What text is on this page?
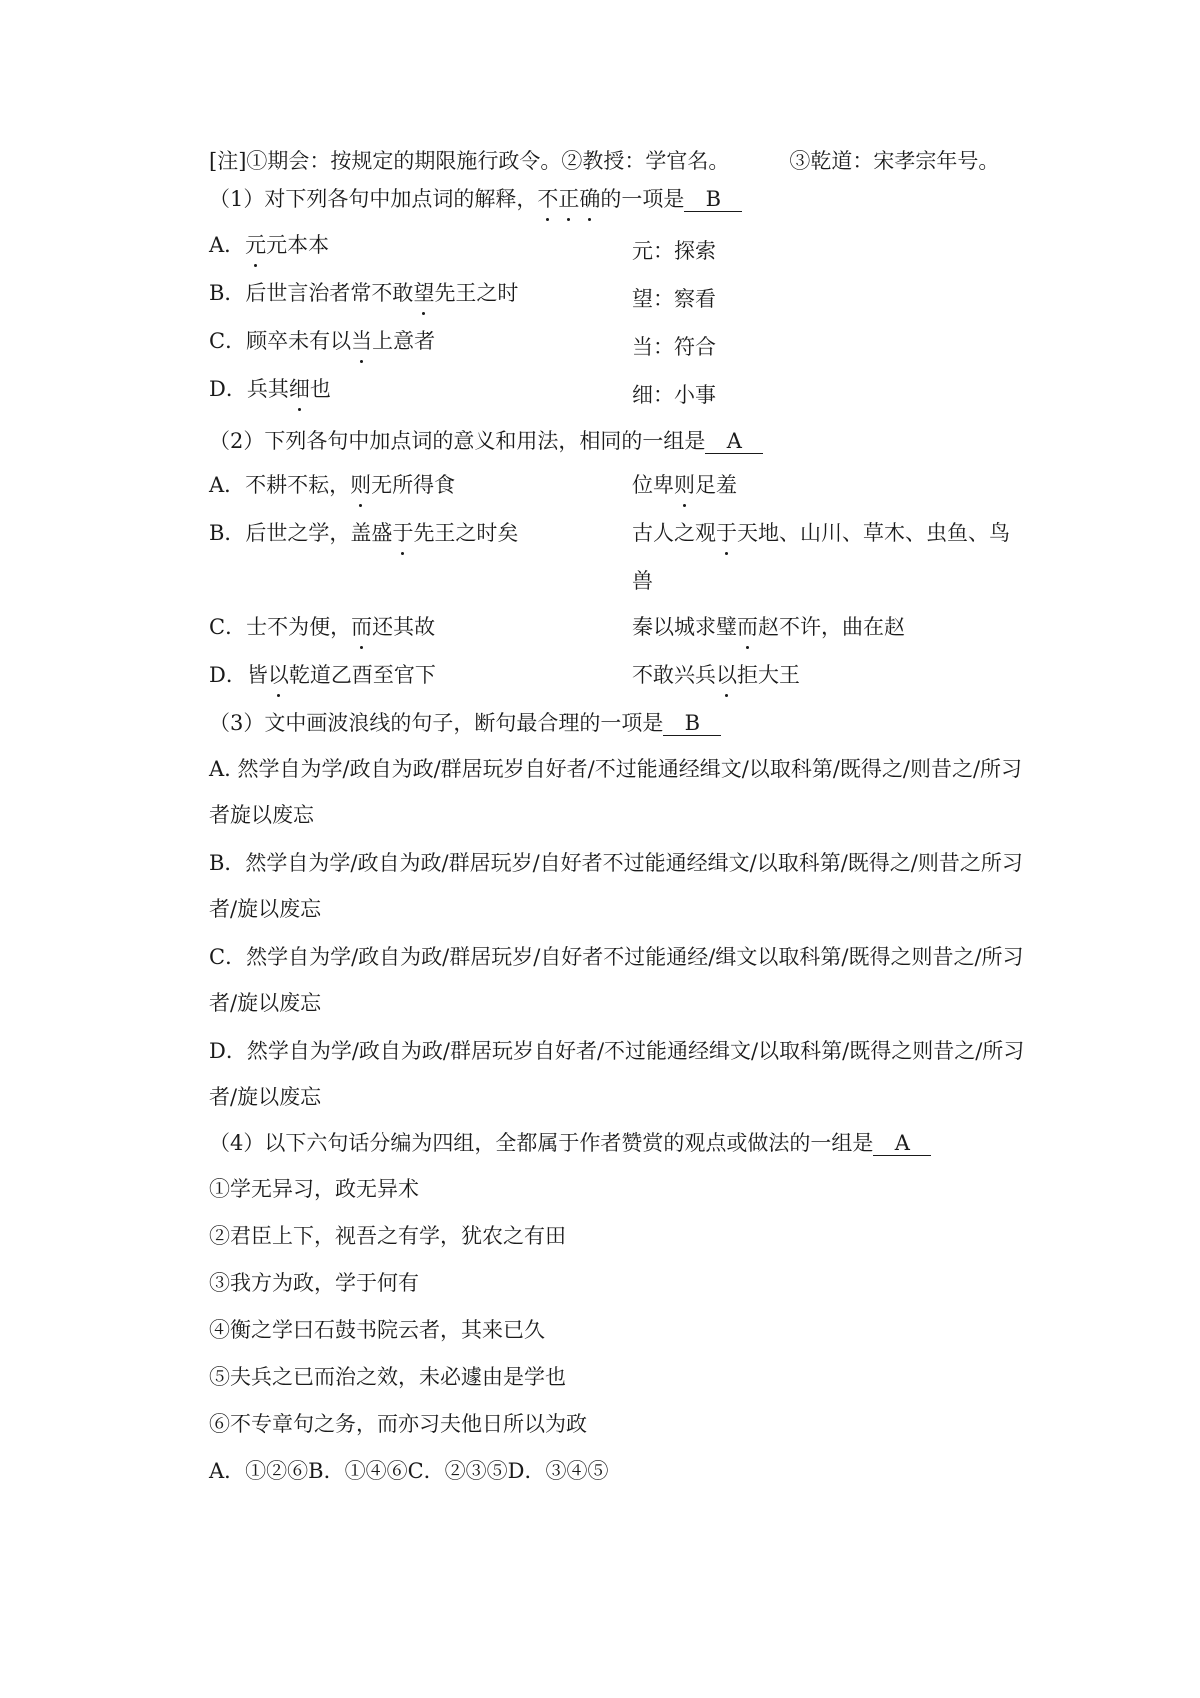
[注]①期会：按规定的期限施行政令。②教授：学官名。	③乾道：宋孝宗年号。
（1）对下列各句中加点词的解释，不正确的一项是 B
A．元元本本	元：探索
B．后世言治者常不敢望先王之时	望：察看
C．顾卒未有以当上意者	当：符合
D．兵其细也	细：小事
（2）下列各句中加点词的意义和用法，相同的一组是 A
A．不耕不耘，则无所得食	位卑则足羞
B．后世之学，盖盛于先王之时矣	古人之观于天地、山川、草木、虫鱼、鸟
兽
C．士不为便，而还其故	秦以城求璧而赵不许，曲在赵
D．皆以乾道乙酉至官下	不敢兴兵以拒大王
（3）文中画波浪线的句子，断句最合理的一项是 B
A. 然学自为学/政自为政/群居玩岁自好者/不过能通经缉文/以取科第/既得之/则昔之/所习
者旋以废忘
B．然学自为学/政自为政/群居玩岁/自好者不过能通经缉文/以取科第/既得之/则昔之所习
者/旋以废忘
C．然学自为学/政自为政/群居玩岁/自好者不过能通经/缉文以取科第/既得之则昔之/所习
者/旋以废忘
D．然学自为学/政自为政/群居玩岁自好者/不过能通经缉文/以取科第/既得之则昔之/所习
者/旋以废忘
（4）以下六句话分编为四组，全都属于作者赞赏的观点或做法的一组是 A
①学无异习，政无异术
②君臣上下，视吾之有学，犹农之有田
③我方为政，学于何有
④衡之学曰石鼓书院云者，其来已久
⑤夫兵之已而治之效，未必遽由是学也
⑥不专章句之务，而亦习夫他日所以为政
A．①②⑥B．①④⑥C．②③⑤D．③④⑤
